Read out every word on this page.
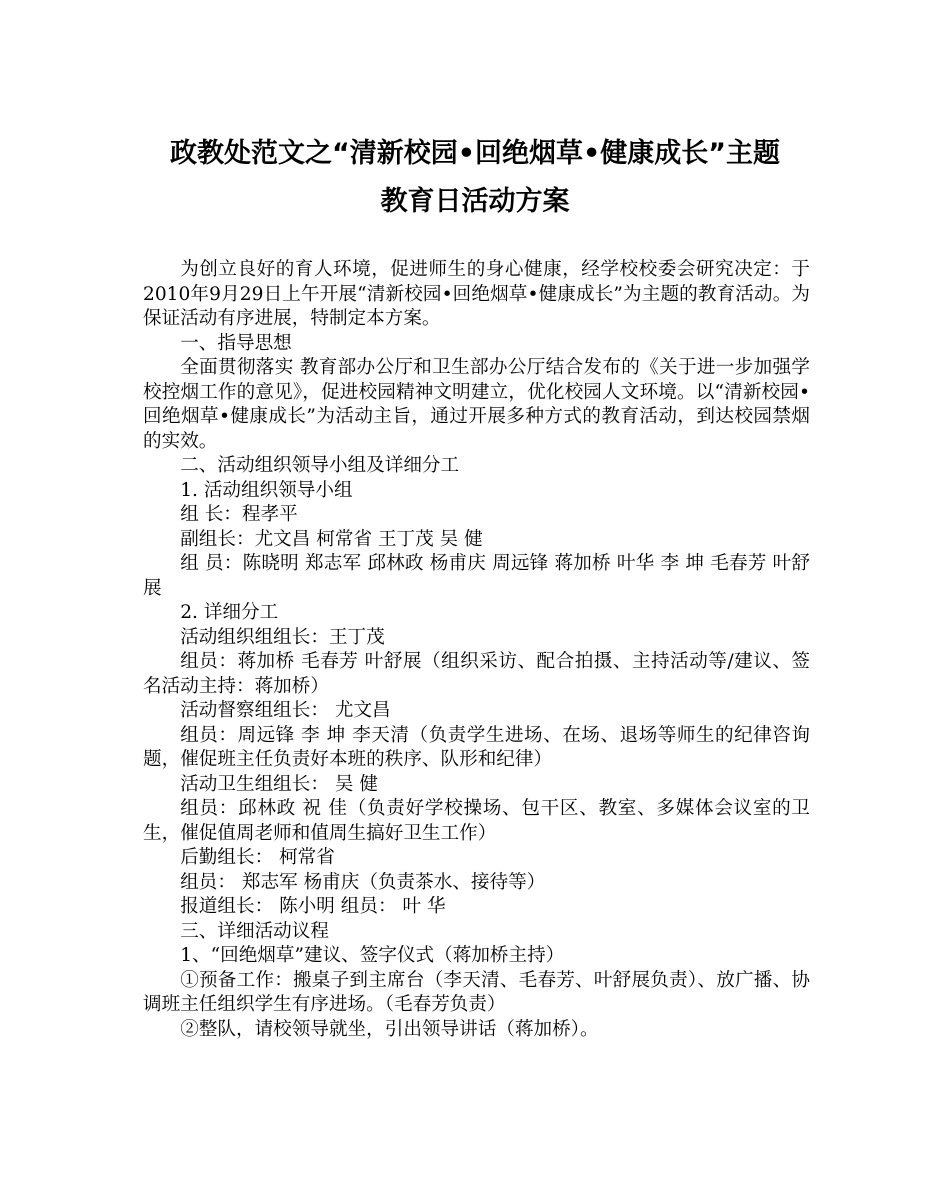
政教处范文之“清新校园•回绝烟草•健康成长”主题
教育日活动方案

为创立良好的育人环境，促进师生的身心健康，经学校校委会研究决定：于2010年9月29日上午开展“清新校园•回绝烟草•健康成长”为主题的教育活动。为保证活动有序进展，特制定本方案。

一、指导思想

全面贯彻落实 教育部办公厅和卫生部办公厅结合发布的《关于进一步加强学校控烟工作的意见》，促进校园精神文明建立，优化校园人文环境。以“清新校园•回绝烟草•健康成长”为活动主旨，通过开展多种方式的教育活动，到达校园禁烟的实效。

二、活动组织领导小组及详细分工

1. 活动组织领导小组

组 长：程孝平

副组长：尤文昌 柯常省 王丁茂 吴 健

组 员：陈晓明 郑志军 邱林政 杨甫庆 周远锋 蒋加桥 叶华 李 坤 毛春芳 叶舒展

2. 详细分工

活动组织组组长：王丁茂

组员：蒋加桥 毛春芳 叶舒展（组织采访、配合拍摄、主持活动等/建议、签名活动主持：蒋加桥）

活动督察组组长： 尤文昌

组员：周远锋 李 坤 李天清（负责学生进场、在场、退场等师生的纪律咨询题，催促班主任负责好本班的秩序、队形和纪律）

活动卫生组组长： 吴 健

组员：邱林政 祝 佳（负责好学校操场、包干区、教室、多媒体会议室的卫生，催促值周老师和值周生搞好卫生工作）

后勤组长： 柯常省

组员： 郑志军 杨甫庆（负责茶水、接待等）

报道组长： 陈小明 组员： 叶 华

三、详细活动议程

1、“回绝烟草”建议、签字仪式（蒋加桥主持）

①预备工作：搬桌子到主席台（李天清、毛春芳、叶舒展负责）、放广播、协调班主任组织学生有序进场。（毛春芳负责）

②整队，请校领导就坐，引出领导讲话（蒋加桥）。
